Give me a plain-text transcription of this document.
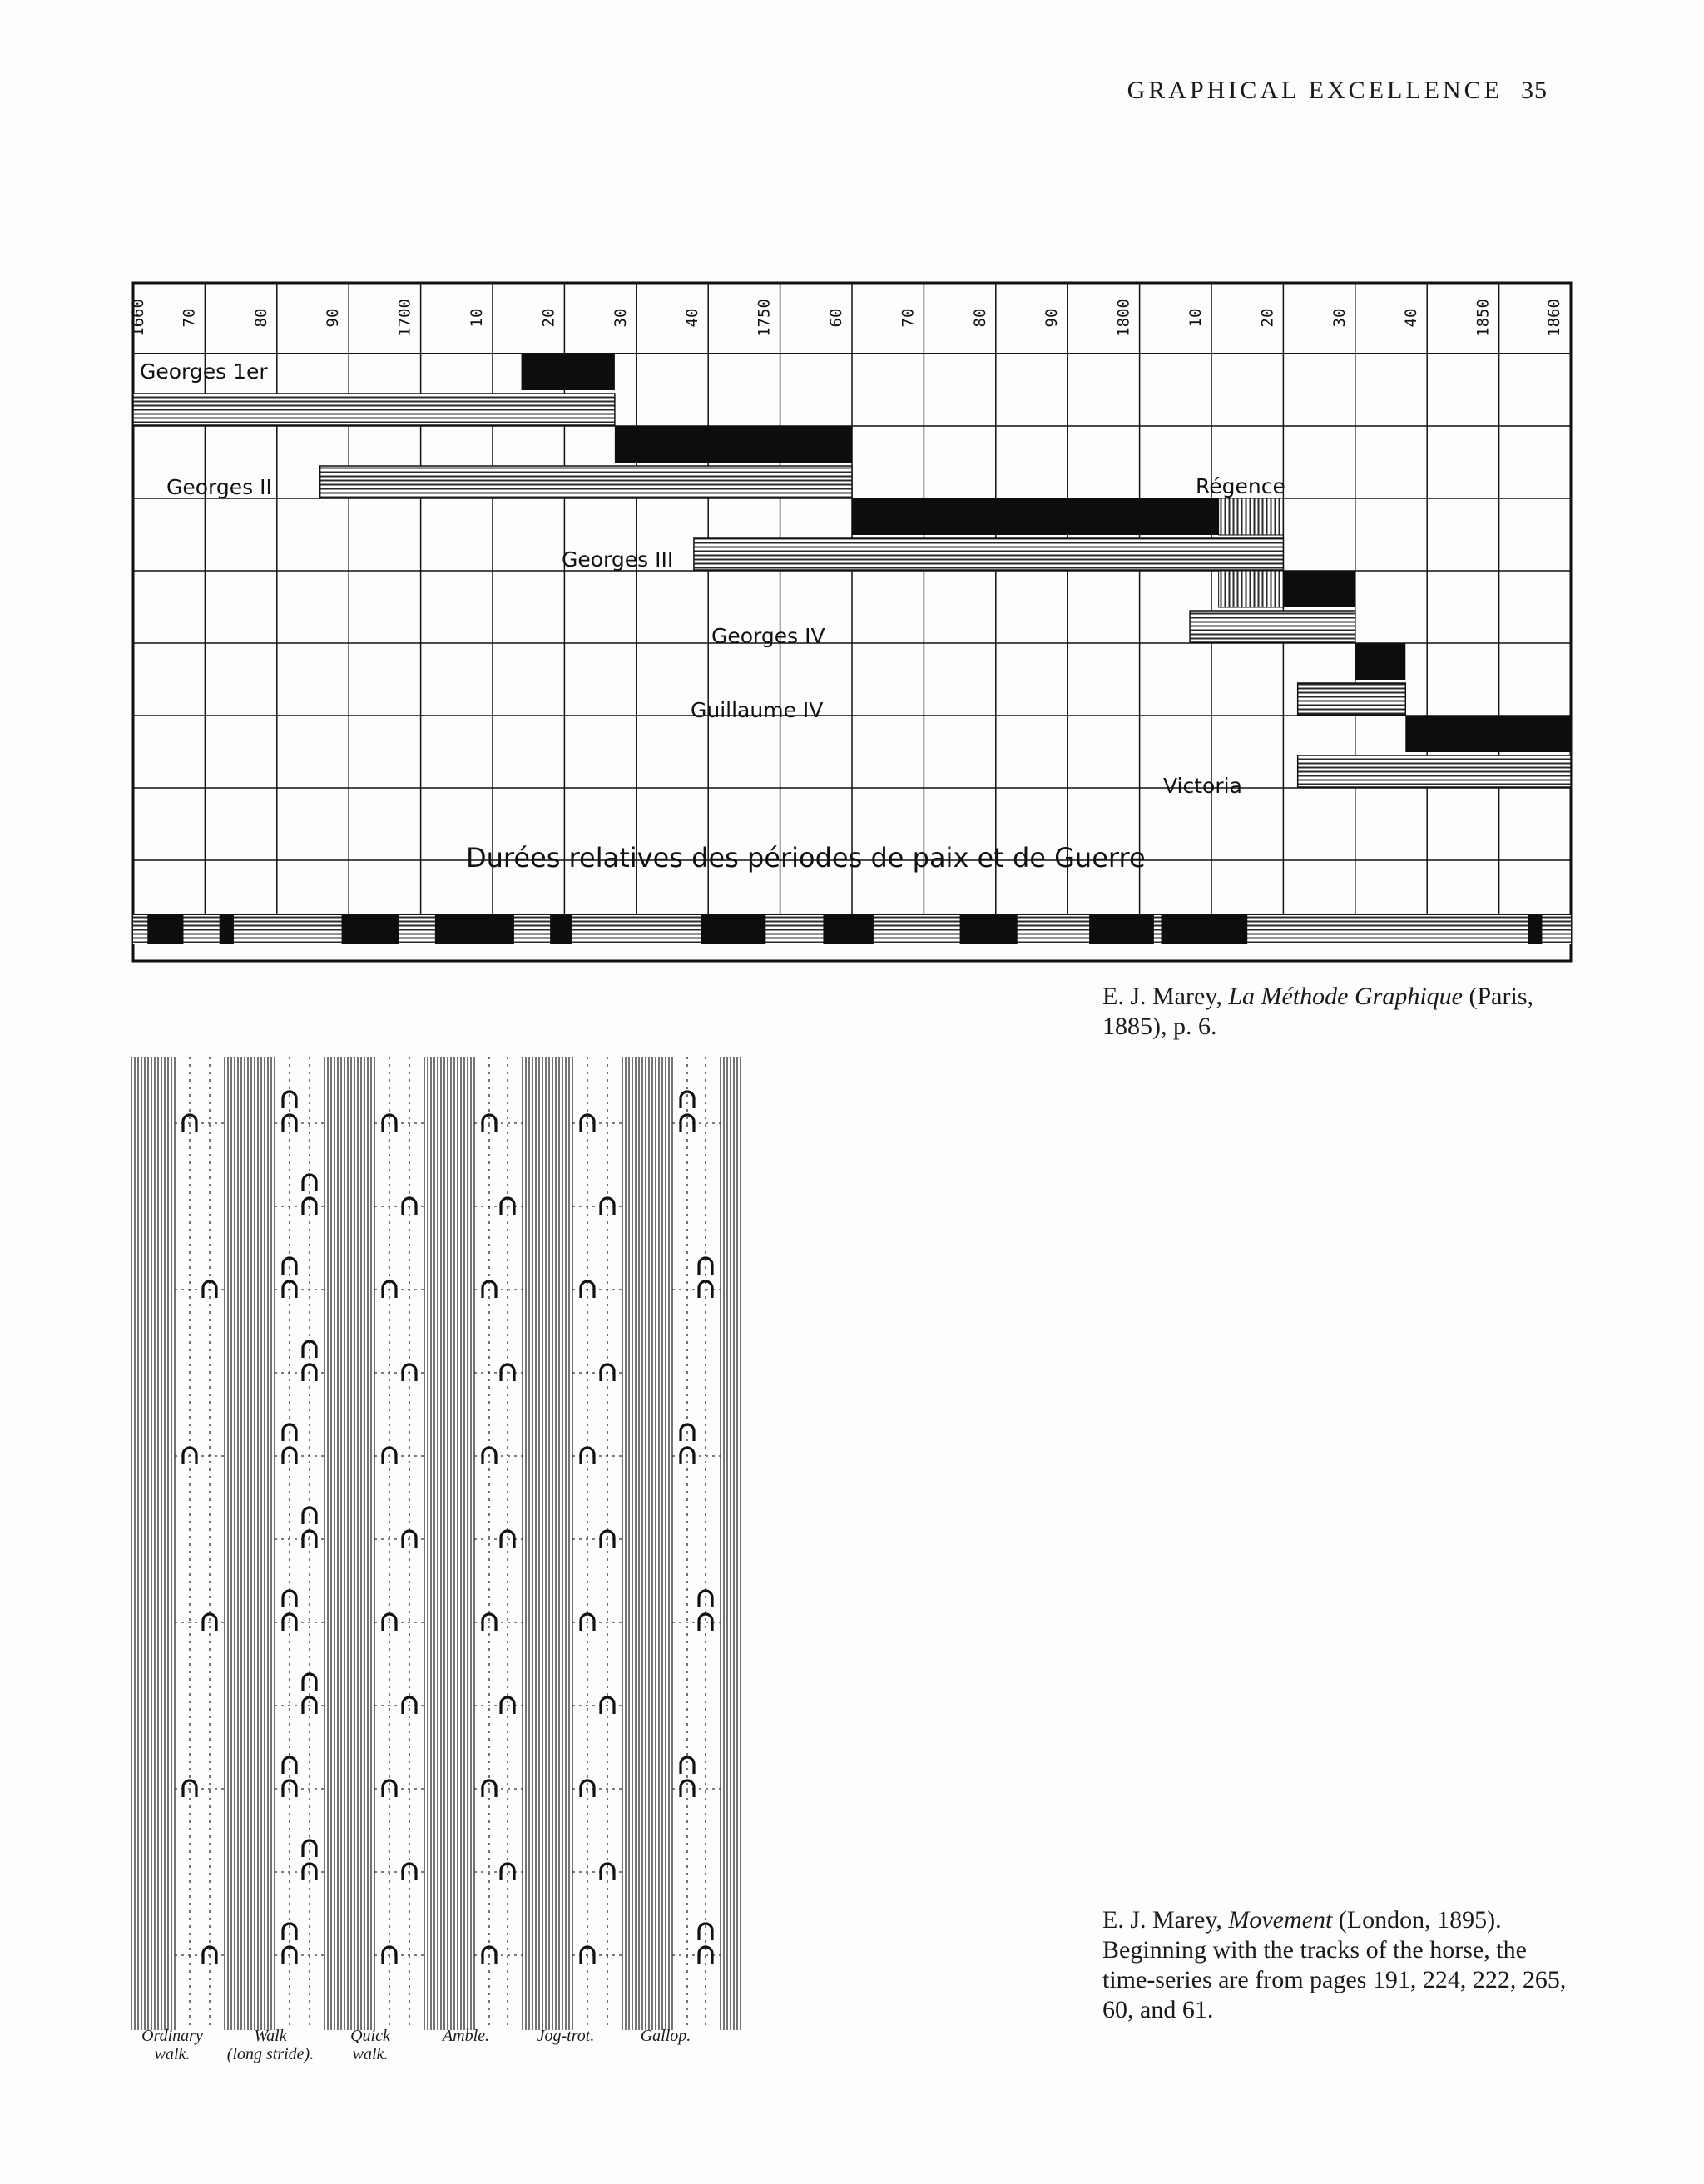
GRAPHICAL EXCELLENCE 35
1660 70	80	90	1700	10	20	30	40	1750	60	70	80	90	1800	10	20	30	40	1850	1860
Georges 1er
Georges II
Georges III
Georges IV
Guillaume IV
Victoria
Régence
Durées relatives des périodes de paix et de Guerre
E. J. Marey, La Méthode Graphique (Paris, 1885), p. 6.
Ordinary
walk.
Walk
(long stride).
Quick
walk.
Amble.	Jog-trot.	Gallop.
E. J. Marey, Movement (London, 1895). Beginning with the tracks of the horse, the time-series are from pages 191, 224, 222, 265, 60, and 61.
